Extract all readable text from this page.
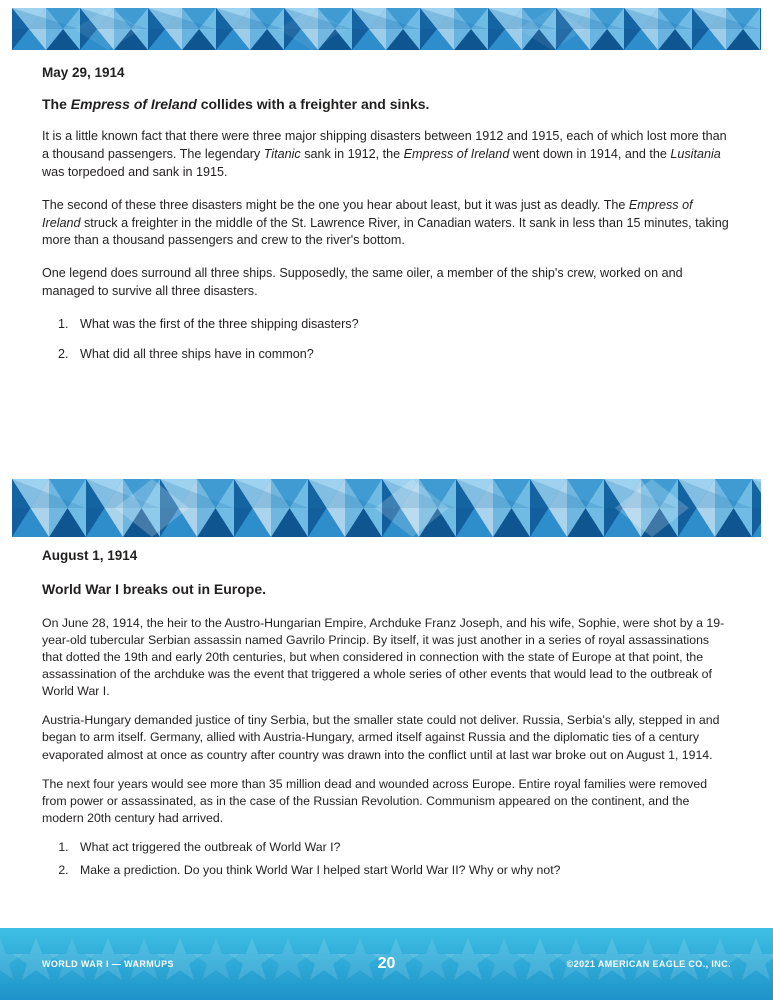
May 29, 1914

The Empress of Ireland collides with a freighter and sinks.

It is a little known fact that there were three major shipping disasters between 1912 and 1915, each of which lost more than a thousand passengers. The legendary Titanic sank in 1912, the Empress of Ireland went down in 1914, and the Lusitania was torpedoed and sank in 1915.

The second of these three disasters might be the one you hear about least, but it was just as deadly. The Empress of Ireland struck a freighter in the middle of the St. Lawrence River, in Canadian waters. It sank in less than 15 minutes, taking more than a thousand passengers and crew to the river's bottom.

One legend does surround all three ships. Supposedly, the same oiler, a member of the ship's crew, worked on and managed to survive all three disasters.

1. What was the first of the three shipping disasters?
2. What did all three ships have in common?

August 1, 1914

World War I breaks out in Europe.

On June 28, 1914, the heir to the Austro-Hungarian Empire, Archduke Franz Joseph, and his wife, Sophie, were shot by a 19-year-old tubercular Serbian assassin named Gavrilo Princip. By itself, it was just another in a series of royal assassinations that dotted the 19th and early 20th centuries, but when considered in connection with the state of Europe at that point, the assassination of the archduke was the event that triggered a whole series of other events that would lead to the outbreak of World War I.

Austria-Hungary demanded justice of tiny Serbia, but the smaller state could not deliver. Russia, Serbia's ally, stepped in and began to arm itself. Germany, allied with Austria-Hungary, armed itself against Russia and the diplomatic ties of a century evaporated almost at once as country after country was drawn into the conflict until at last war broke out on August 1, 1914.

The next four years would see more than 35 million dead and wounded across Europe. Entire royal families were removed from power or assassinated, as in the case of the Russian Revolution. Communism appeared on the continent, and the modern 20th century had arrived.

1. What act triggered the outbreak of World War I?
2. Make a prediction. Do you think World War I helped start World War II? Why or why not?
WORLD WAR I — WARMUPS	©2021 AMERICAN EAGLE CO., INC.
20
